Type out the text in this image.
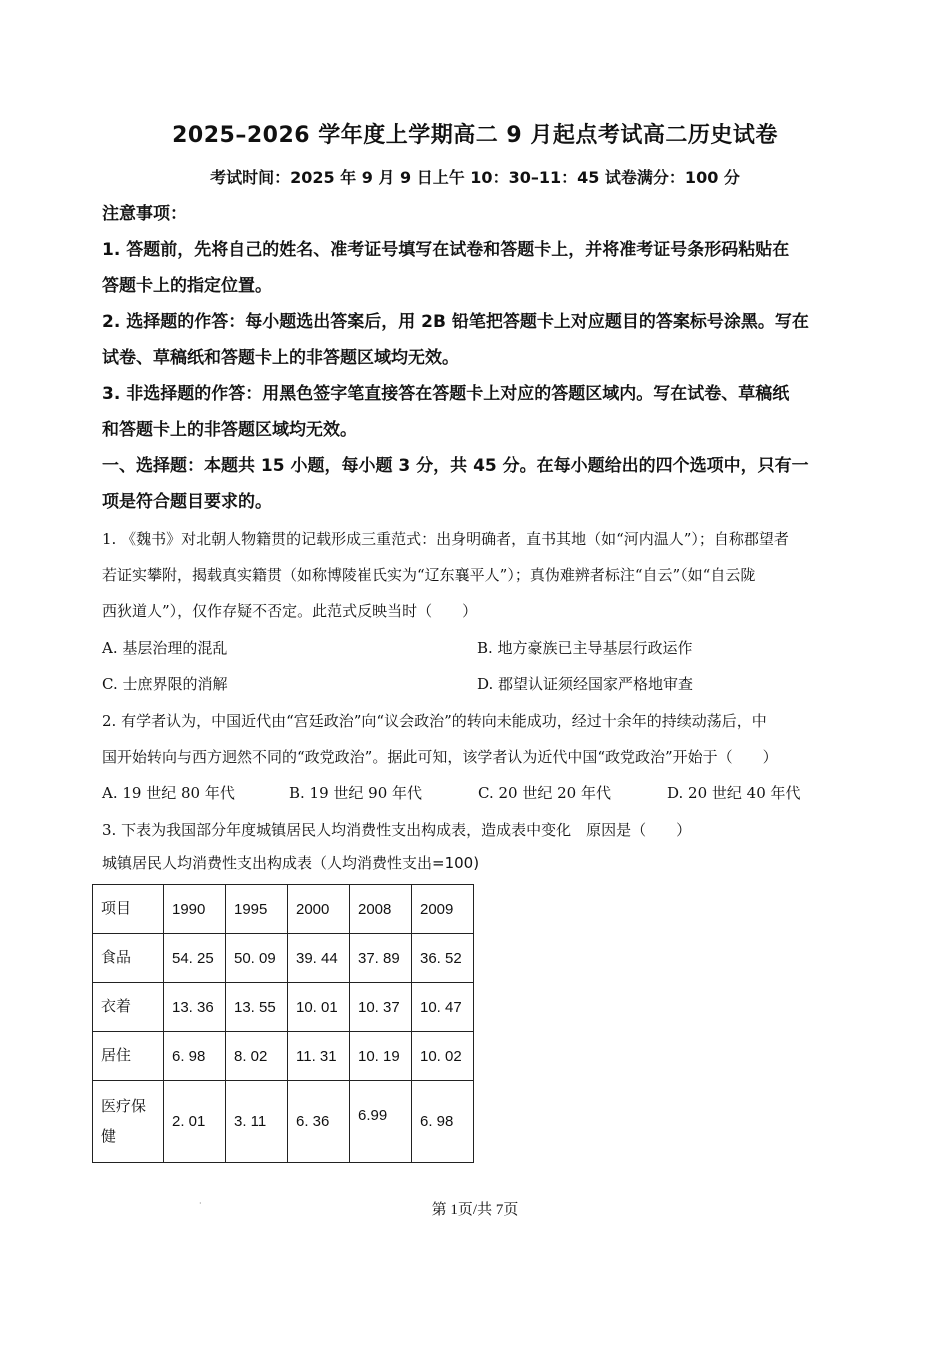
2025–2026 学年度上学期高二 9 月起点考试高二历史试卷
考试时间：2025 年 9 月 9 日上午 10：30–11：45 试卷满分：100 分

注意事项：

1. 答题前，先将自己的姓名、准考证号填写在试卷和答题卡上，并将准考证号条形码粘贴在

答题卡上的指定位置。

2. 选择题的作答：每小题选出答案后，用 2B 铅笔把答题卡上对应题目的答案标号涂黑。写在

试卷、草稿纸和答题卡上的非答题区域均无效。

3. 非选择题的作答：用黑色签字笔直接答在答题卡上对应的答题区域内。写在试卷、草稿纸

和答题卡上的非答题区域均无效。

一、选择题：本题共 15 小题，每小题 3 分，共 45 分。在每小题给出的四个选项中，只有一

项是符合题目要求的。

1. 《魏书》对北朝人物籍贯的记载形成三重范式：出身明确者，直书其地（如“河内温人”）；自称郡望者

若证实攀附，揭载真实籍贯（如称博陵崔氏实为“辽东襄平人”）；真伪难辨者标注“自云”（如“自云陇

西狄道人”），仅作存疑不否定。此范式反映当时（　　）

A. 基层治理的混乱	B. 地方豪族已主导基层行政运作
C. 士庶界限的消解	D. 郡望认证须经国家严格地审查

2. 有学者认为，中国近代由“宫廷政治”向“议会政治”的转向未能成功，经过十余年的持续动荡后，中

国开始转向与西方迥然不同的“政党政治”。据此可知，该学者认为近代中国“政党政治”开始于（　　）

A. 19 世纪 80 年代	B. 19 世纪 90 年代	C. 20 世纪 20 年代	D. 20 世纪 40 年代

3. 下表为我国部分年度城镇居民人均消费性支出构成表，造成表中变化　原因是（　　）

城镇居民人均消费性支出构成表（人均消费性支出=100)
项目	1990	1995	2000	2008	2009
食品	54. 25	50. 09	39. 44	37. 89	36. 52
衣着	13. 36	13. 55	10. 01	10. 37	10. 47
居住	6. 98	8. 02	11. 31	10. 19	10. 02
医疗保健	2. 01	3. 11	6. 36	6.99	6. 98
·	第 1页/共 7页
